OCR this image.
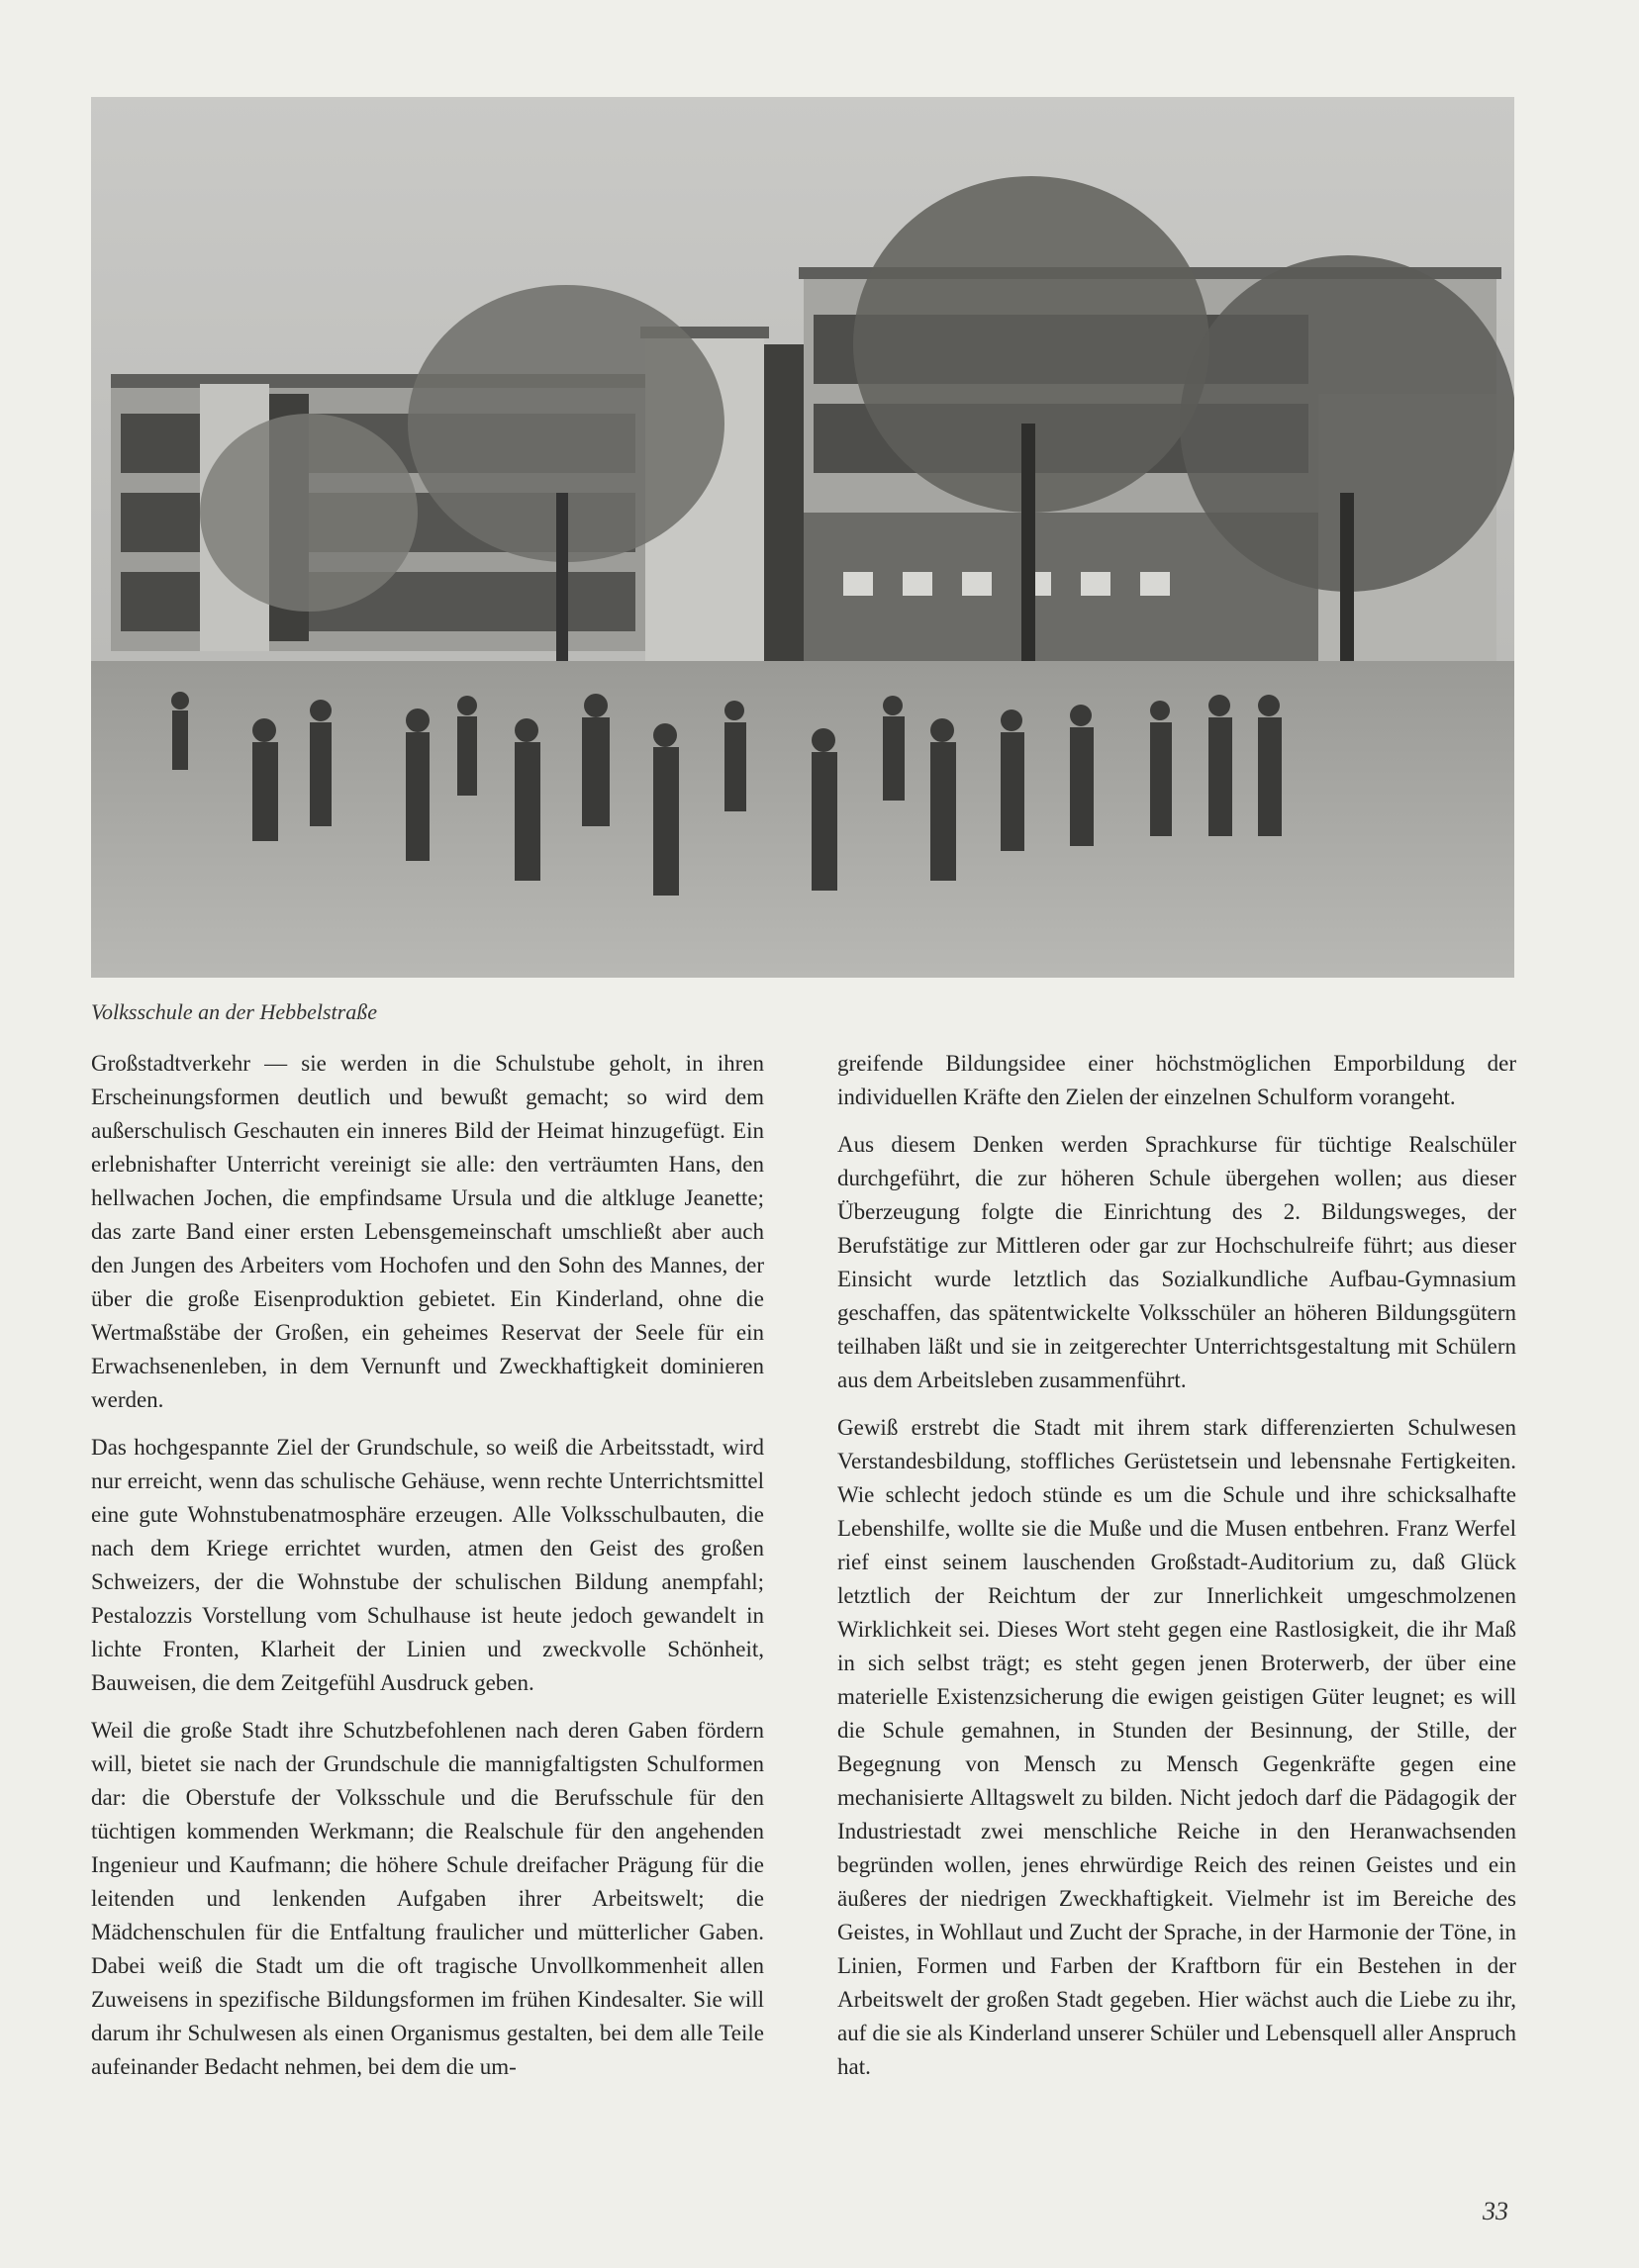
Volksschule an der Hebbelstraße

Großstadtverkehr — sie werden in die Schulstube geholt, in ihren Erscheinungsformen deutlich und bewußt gemacht; so wird dem außerschulisch Geschauten ein inneres Bild der Heimat hinzugefügt. Ein erlebnishafter Unterricht vereinigt sie alle: den verträumten Hans, den hellwachen Jochen, die empfindsame Ursula und die altkluge Jeanette; das zarte Band einer ersten Lebensgemeinschaft umschließt aber auch den Jungen des Arbeiters vom Hochofen und den Sohn des Mannes, der über die große Eisenproduktion gebietet. Ein Kinderland, ohne die Wertmaßstäbe der Großen, ein geheimes Reservat der Seele für ein Erwachsenenleben, in dem Vernunft und Zweckhaftigkeit dominieren werden.

Das hochgespannte Ziel der Grundschule, so weiß die Arbeitsstadt, wird nur erreicht, wenn das schulische Gehäuse, wenn rechte Unterrichtsmittel eine gute Wohnstubenatmosphäre erzeugen. Alle Volksschulbauten, die nach dem Kriege errichtet wurden, atmen den Geist des großen Schweizers, der die Wohnstube der schulischen Bildung anempfahl; Pestalozzis Vorstellung vom Schulhause ist heute jedoch gewandelt in lichte Fronten, Klarheit der Linien und zweckvolle Schönheit, Bauweisen, die dem Zeitgefühl Ausdruck geben.

Weil die große Stadt ihre Schutzbefohlenen nach deren Gaben fördern will, bietet sie nach der Grundschule die mannigfaltigsten Schulformen dar: die Oberstufe der Volksschule und die Berufsschule für den tüchtigen kommenden Werkmann; die Realschule für den angehenden Ingenieur und Kaufmann; die höhere Schule dreifacher Prägung für die leitenden und lenkenden Aufgaben ihrer Arbeitswelt; die Mädchenschulen für die Entfaltung fraulicher und mütterlicher Gaben. Dabei weiß die Stadt um die oft tragische Unvollkommenheit allen Zuweisens in spezifische Bildungsformen im frühen Kindesalter. Sie will darum ihr Schulwesen als einen Organismus gestalten, bei dem alle Teile aufeinander Bedacht nehmen, bei dem die um-

greifende Bildungsidee einer höchstmöglichen Emporbildung der individuellen Kräfte den Zielen der einzelnen Schulform vorangeht.

Aus diesem Denken werden Sprachkurse für tüchtige Realschüler durchgeführt, die zur höheren Schule übergehen wollen; aus dieser Überzeugung folgte die Einrichtung des 2. Bildungsweges, der Berufstätige zur Mittleren oder gar zur Hochschulreife führt; aus dieser Einsicht wurde letztlich das Sozialkundliche Aufbau-Gymnasium geschaffen, das spätentwickelte Volksschüler an höheren Bildungsgütern teilhaben läßt und sie in zeitgerechter Unterrichtsgestaltung mit Schülern aus dem Arbeitsleben zusammenführt.

Gewiß erstrebt die Stadt mit ihrem stark differenzierten Schulwesen Verstandesbildung, stoffliches Gerüstetsein und lebensnahe Fertigkeiten. Wie schlecht jedoch stünde es um die Schule und ihre schicksalhafte Lebenshilfe, wollte sie die Muße und die Musen entbehren. Franz Werfel rief einst seinem lauschenden Großstadt-Auditorium zu, daß Glück letztlich der Reichtum der zur Innerlichkeit umgeschmolzenen Wirklichkeit sei. Dieses Wort steht gegen eine Rastlosigkeit, die ihr Maß in sich selbst trägt; es steht gegen jenen Broterwerb, der über eine materielle Existenzsicherung die ewigen geistigen Güter leugnet; es will die Schule gemahnen, in Stunden der Besinnung, der Stille, der Begegnung von Mensch zu Mensch Gegenkräfte gegen eine mechanisierte Alltagswelt zu bilden. Nicht jedoch darf die Pädagogik der Industriestadt zwei menschliche Reiche in den Heranwachsenden begründen wollen, jenes ehrwürdige Reich des reinen Geistes und ein äußeres der niedrigen Zweckhaftigkeit. Vielmehr ist im Bereiche des Geistes, in Wohllaut und Zucht der Sprache, in der Harmonie der Töne, in Linien, Formen und Farben der Kraftborn für ein Bestehen in der Arbeitswelt der großen Stadt gegeben. Hier wächst auch die Liebe zu ihr, auf die sie als Kinderland unserer Schüler und Lebensquell aller Anspruch hat.

33
